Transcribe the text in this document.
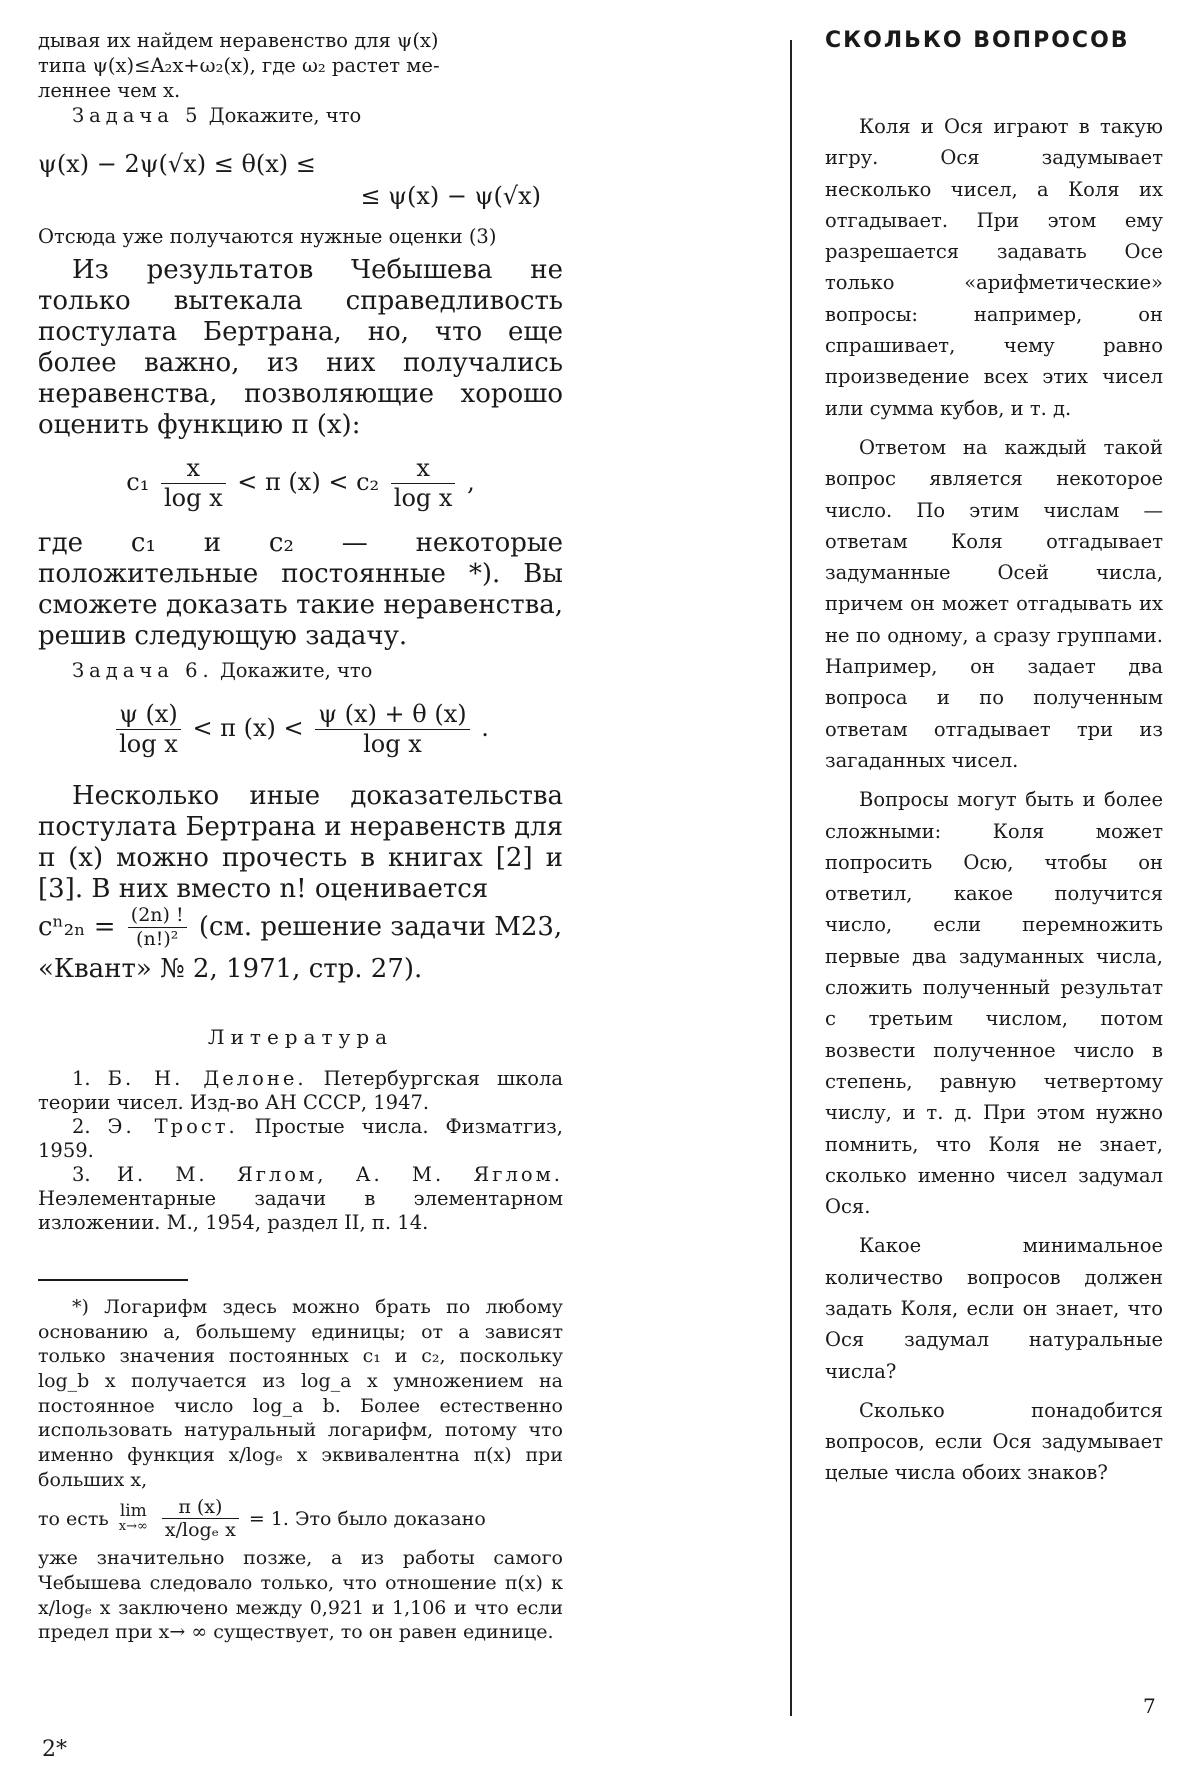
дывая их найдем неравенство для ψ(x)
типа ψ(x)≤A₂x+ω₂(x), где ω₂ растет ме-
леннее чем x.
Задача 5 Докажите, что
ψ(x) − 2ψ(√x) ≤ θ(x) ≤
≤ ψ(x) − ψ(√x)
Отсюда уже получаются нужные оценки (3)

Из результатов Чебышева не только вытекала справедливость постулата Бертрана, но, что еще более важно, из них получались неравенства, позволяющие хорошо оценить функцию π (x):

$c_1 \frac{x}{\text{log x}} < \pi$ $(x) < c_2 \frac{x}{\text{log x}}$ ,

где c₁ и c₂ — некоторые положительные постоянные *). Вы сможете доказать такие неравенства, решив следующую задачу.

Задача 6. Докажите, что
$\frac{\psi (x)}{\text{log x}} < \pi$ $(x) < \frac{\psi (x) + \theta (x)}{\text{log x}}$ .

Несколько иные доказательства постулата Бертрана и неравенств для π (x) можно прочесть в книгах [2] и [3]. В них вместо n! оценивается

$c^n_{2n} = \frac{(2n) !}{\text{(n!)²}} (см$. решение задачи М23,
«Квант» № 2, 1971, стр. 27).
Литература

1. Б. Н. Делоне. Петербургская школа теории чисел. Изд-во АН СССР, 1947.

2. Э. Трост. Простые числа. Физматгиз, 1959.

3. И. М. Яглом, А. М. Яглом. Неэлементарные задачи в элементарном изложении. М., 1954, раздел II, п. 14.

*) Логарифм здесь можно брать по любому основанию a, большему единицы; от a зависят только значения постоянных c₁ и c₂, поскольку log_b x получается из log_a x умножением на постоянное число log_a b. Более естественно использовать натуральный логарифм, потому что именно функция x/logₑ x эквивалентна π(x) при больших x,

то есть lim
x→∞
$\frac{\pi (x)}{\text{x/logₑ x}} = 1$. Это было доказано

уже значительно позже, а из работы самого Чебышева следовало только, что отношение π(x) к x/logₑ x заключено между 0,921 и 1,106 и что если предел при x→ ∞ существует, то он равен единице.

СКОЛЬКО ВОПРОСОВ

Коля и Ося играют в такую игру. Ося задумывает несколько чисел, а Коля их отгадывает. При этом ему разрешается задавать Осе только «арифметические» вопросы: например, он спрашивает, чему равно произведение всех этих чисел или сумма кубов, и т. д.

Ответом на каждый такой вопрос является некоторое число. По этим числам — ответам Коля отгадывает задуманные Осей числа, причем он может отгадывать их не по одному, а сразу группами. Например, он задает два вопроса и по полученным ответам отгадывает три из загаданных чисел.

Вопросы могут быть и более сложными: Коля может попросить Осю, чтобы он ответил, какое получится число, если перемножить первые два задуманных числа, сложить полученный результат с третьим числом, потом возвести полученное число в степень, равную четвертому числу, и т. д. При этом нужно помнить, что Коля не знает, сколько именно чисел задумал Ося.

Какое минимальное количество вопросов должен задать Коля, если он знает, что Ося задумал натуральные числа?

Сколько понадобится вопросов, если Ося задумывает целые числа обоих знаков?

7
2*
